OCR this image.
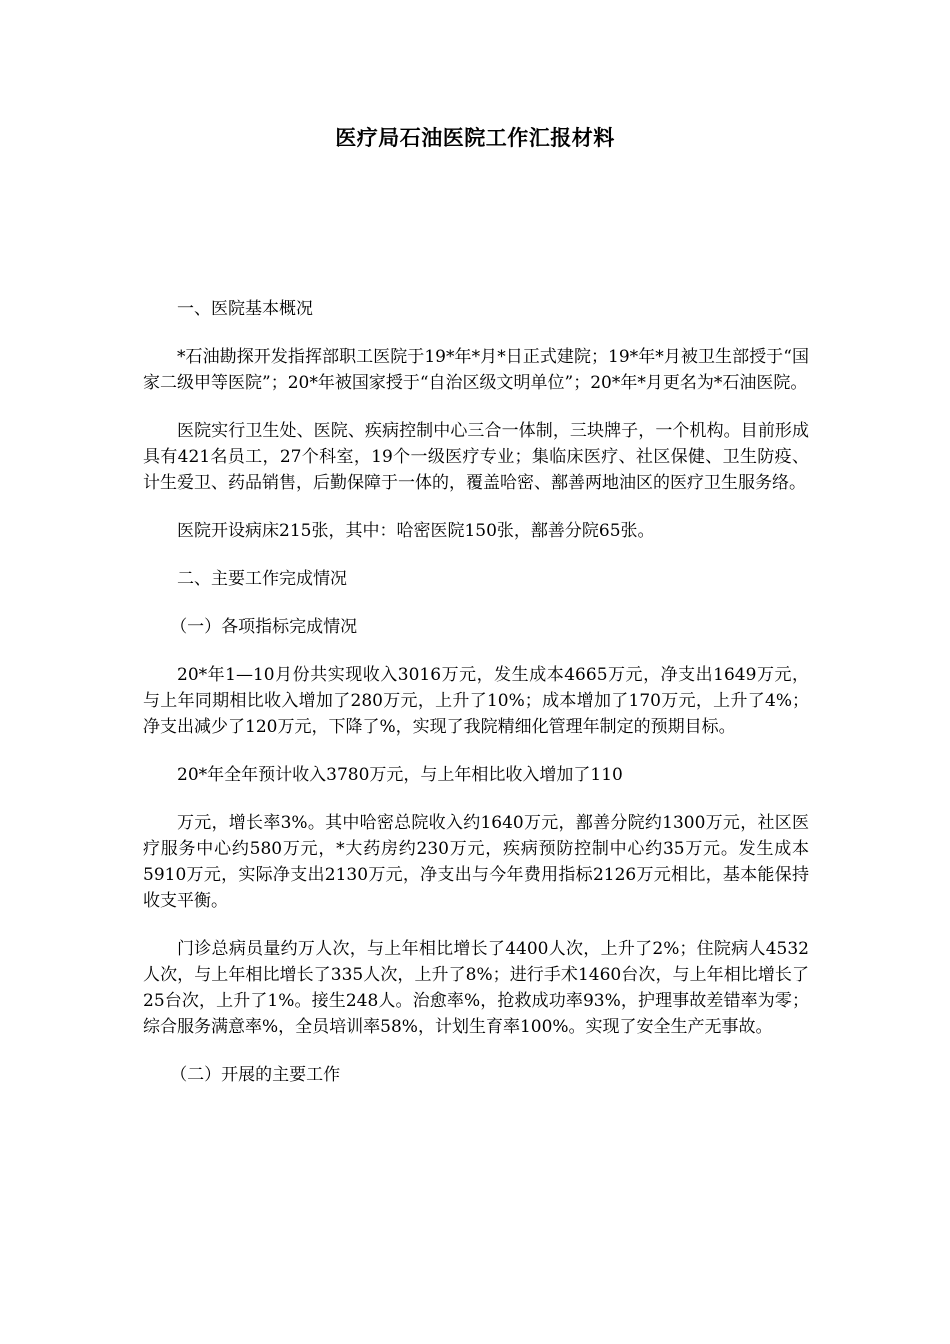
医疗局石油医院工作汇报材料

一、医院基本概况

*石油勘探开发指挥部职工医院于19*年*月*日正式建院；19*年*月被卫生部授于“国家二级甲等医院”；20*年被国家授于“自治区级文明单位”；20*年*月更名为*石油医院。

医院实行卫生处、医院、疾病控制中心三合一体制，三块牌子，一个机构。目前形成具有421名员工，27个科室，19个一级医疗专业；集临床医疗、社区保健、卫生防疫、计生爱卫、药品销售，后勤保障于一体的，覆盖哈密、鄯善两地油区的医疗卫生服务络。

医院开设病床215张，其中：哈密医院150张，鄯善分院65张。

二、主要工作完成情况

（一）各项指标完成情况

20*年1—10月份共实现收入3016万元，发生成本4665万元，净支出1649万元，与上年同期相比收入增加了280万元，上升了10%；成本增加了170万元，上升了4%；净支出减少了120万元，下降了%，实现了我院精细化管理年制定的预期目标。

20*年全年预计收入3780万元，与上年相比收入增加了110

万元，增长率3%。其中哈密总院收入约1640万元，鄯善分院约1300万元，社区医疗服务中心约580万元，*大药房约230万元，疾病预防控制中心约35万元。发生成本5910万元，实际净支出2130万元，净支出与今年费用指标2126万元相比，基本能保持收支平衡。

门诊总病员量约万人次，与上年相比增长了4400人次，上升了2%；住院病人4532人次，与上年相比增长了335人次，上升了8%；进行手术1460台次，与上年相比增长了25台次，上升了1%。接生248人。治愈率%，抢救成功率93%，护理事故差错率为零；综合服务满意率%，全员培训率58%，计划生育率100%。实现了安全生产无事故。

（二）开展的主要工作
